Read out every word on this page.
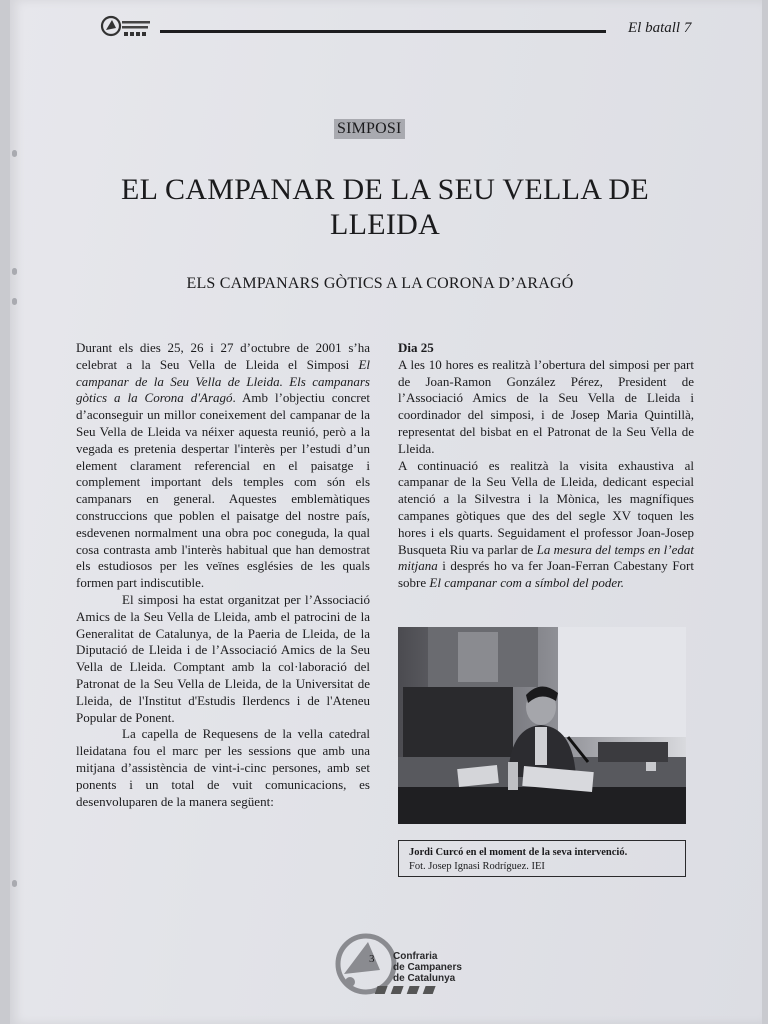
El batall 7
SIMPOSI
EL CAMPANAR DE LA SEU VELLA DE
LLEIDA
ELS CAMPANARS GÒTICS A LA CORONA D’ARAGÓ

Durant els dies 25, 26 i 27 d’octubre de 2001 s’ha celebrat a la Seu Vella de Lleida el Simposi El campanar de la Seu Vella de Lleida. Els campanars gòtics a la Corona d'Aragó. Amb l’objectiu concret d’aconseguir un millor coneixement del campanar de la Seu Vella de Lleida va néixer aquesta reunió, però a la vegada es pretenia despertar l'interès per l’estudi d’un element clarament referencial en el paisatge i complement important dels temples com són els campanars en general. Aquestes emblemàtiques construccions que poblen el paisatge del nostre país, esdevenen normalment una obra poc coneguda, la qual cosa contrasta amb l'interès habitual que han demostrat els estudiosos per les veïnes esglésies de les quals formen part indiscutible.

El simposi ha estat organitzat per l’Associació Amics de la Seu Vella de Lleida, amb el patrocini de la Generalitat de Catalunya, de la Paeria de Lleida, de la Diputació de Lleida i de l’Associació Amics de la Seu Vella de Lleida. Comptant amb la col·laboració del Patronat de la Seu Vella de Lleida, de la Universitat de Lleida, de l'Institut d'Estudis Ilerdencs i de l'Ateneu Popular de Ponent.

La capella de Requesens de la vella catedral lleidatana fou el marc per les sessions que amb una mitjana d’assistència de vint-i-cinc persones, amb set ponents i un total de vuit comunicacions, es desenvoluparen de la manera següent:

Dia 25

A les 10 hores es realitzà l’obertura del simposi per part de Joan-Ramon González Pérez, President de l’Associació Amics de la Seu Vella de Lleida i coordinador del simposi, i de Josep Maria Quintillà, representat del bisbat en el Patronat de la Seu Vella de Lleida.

A continuació es realitzà la visita exhaustiva al campanar de la Seu Vella de Lleida, dedicant especial atenció a la Silvestra i la Mònica, les magnífiques campanes gòtiques que des del segle XV toquen les hores i els quarts. Seguidament el professor Joan-Josep Busqueta Riu va parlar de La mesura del temps en l’edat mitjana i després ho va fer Joan-Ferran Cabestany Fort sobre El campanar com a símbol del poder.

Jordi Curcó en el moment de la seva intervenció.
Fot. Josep Ignasi Rodríguez. IEI
3 Confraria
de Campaners
de Catalunya
